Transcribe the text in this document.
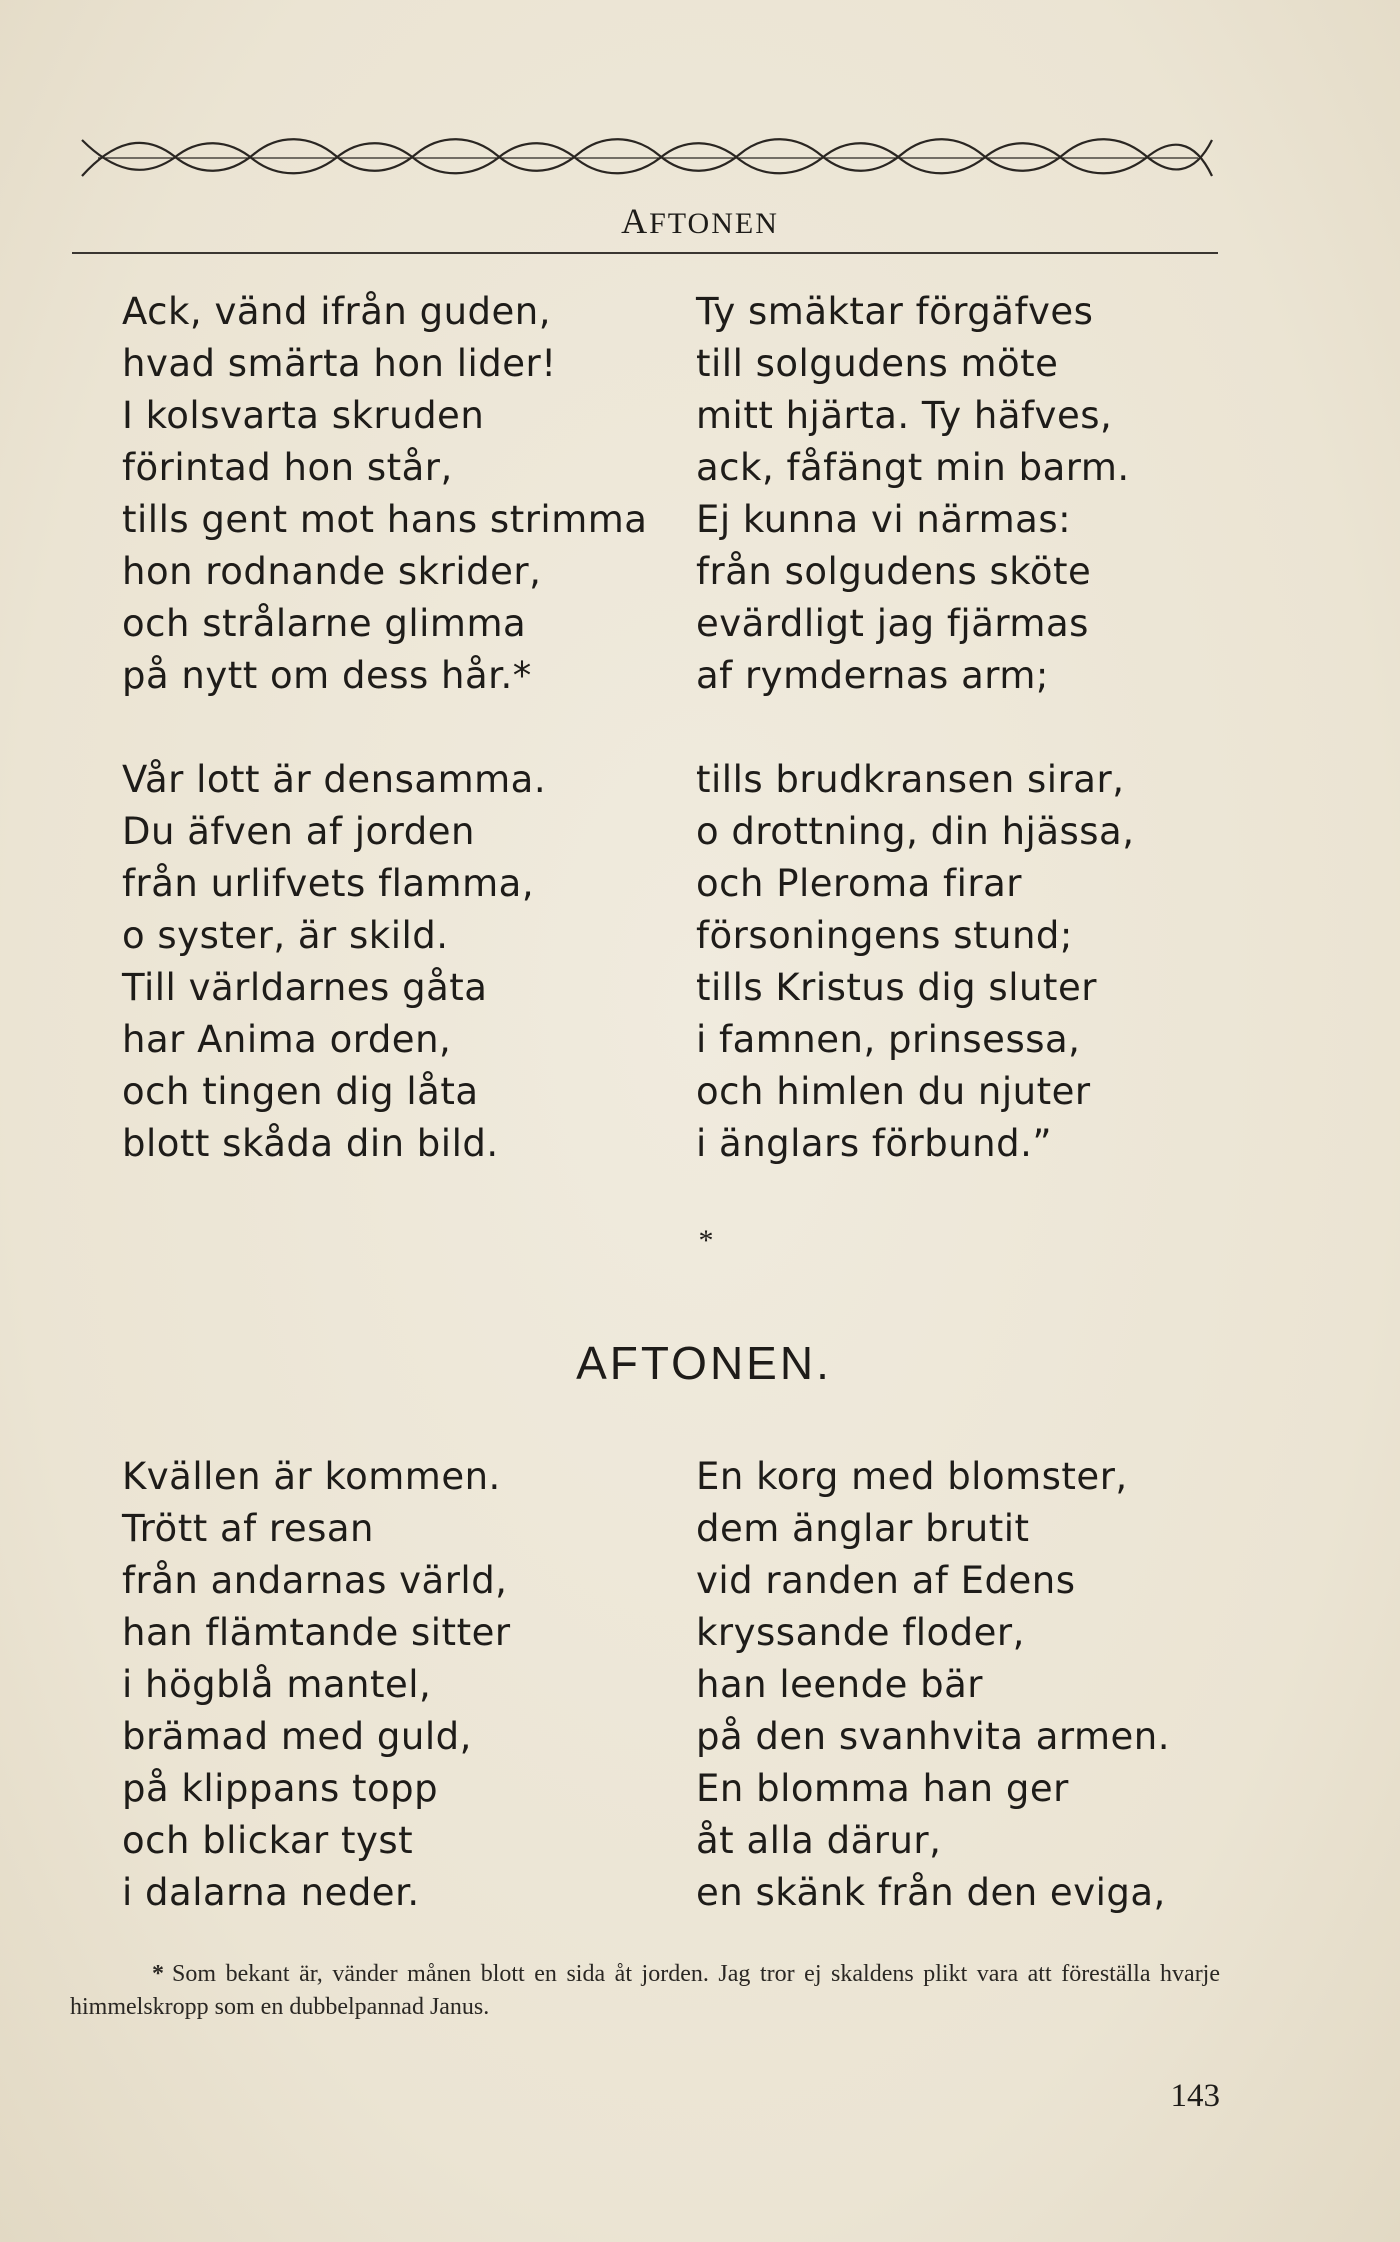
AFTONEN
Ack, vänd ifrån guden,
hvad smärta hon lider!
I kolsvarta skruden
förintad hon står,
tills gent mot hans strimma
hon rodnande skrider,
och strålarne glimma
på nytt om dess hår.*
Ty smäktar förgäfves
till solgudens möte
mitt hjärta. Ty häfves,
ack, fåfängt min barm.
Ej kunna vi närmas:
från solgudens sköte
evärdligt jag fjärmas
af rymdernas arm;
Vår lott är densamma.
Du äfven af jorden
från urlifvets flamma,
o syster, är skild.
Till världarnes gåta
har Anima orden,
och tingen dig låta
blott skåda din bild.
tills brudkransen sirar,
o drottning, din hjässa,
och Pleroma firar
försoningens stund;
tills Kristus dig sluter
i famnen, prinsessa,
och himlen du njuter
i änglars förbund.”
*
AFTONEN.
Kvällen är kommen.
Trött af resan
från andarnas värld,
han flämtande sitter
i högblå mantel,
brämad med guld,
på klippans topp
och blickar tyst
i dalarna neder.
En korg med blomster,
dem änglar brutit
vid randen af Edens
kryssande floder,
han leende bär
på den svanhvita armen.
En blomma han ger
åt alla därur,
en skänk från den eviga,
* Som bekant är, vänder månen blott en sida åt jorden. Jag tror ej skaldens plikt vara att föreställa hvarje himmelskropp som en dubbelpannad Janus.
143
